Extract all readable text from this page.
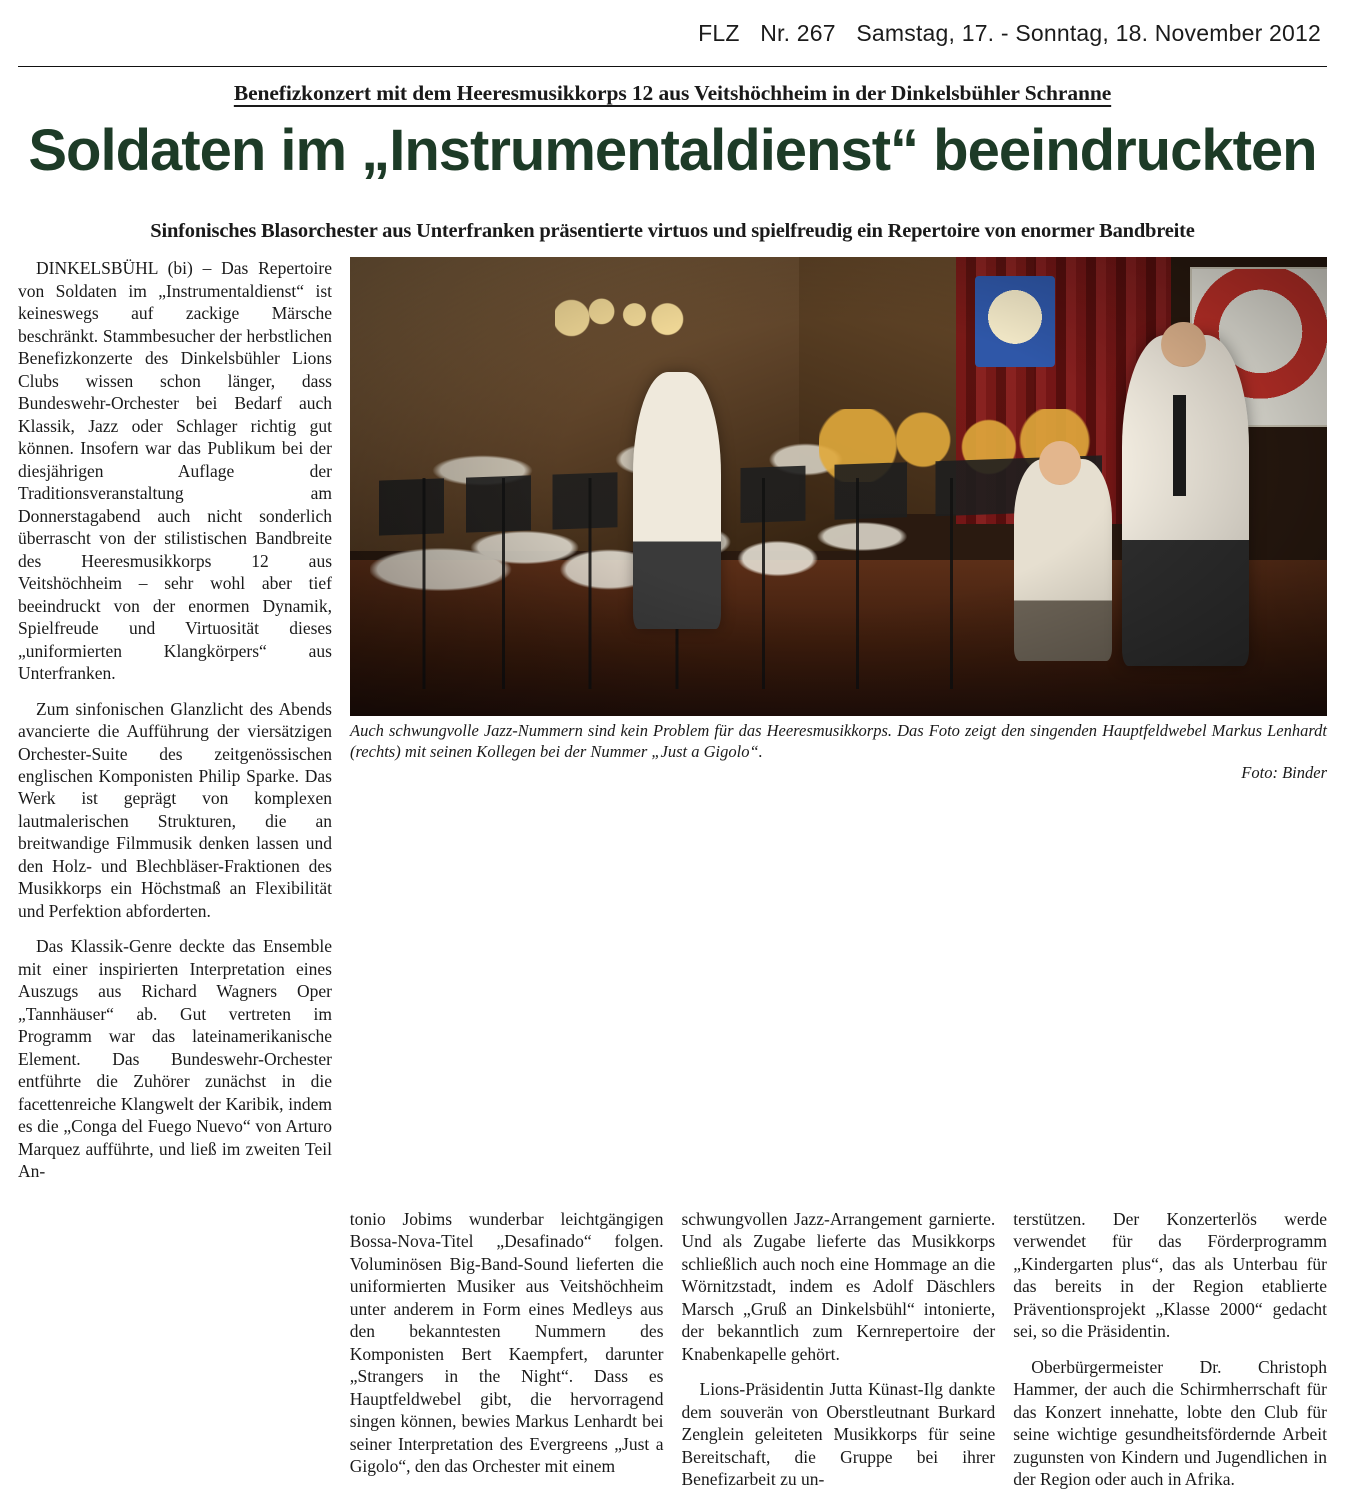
FLZ Nr. 267 Samstag, 17. - Sonntag, 18. November 2012
Benefizkonzert mit dem Heeresmusikkorps 12 aus Veitshöchheim in der Dinkelsbühler Schranne
Soldaten im „Instrumentaldienst“ beeindruckten
Sinfonisches Blasorchester aus Unterfranken präsentierte virtuos und spielfreudig ein Repertoire von enormer Bandbreite

DINKELSBÜHL (bi) – Das Repertoire von Soldaten im „Instrumentaldienst“ ist keineswegs auf zackige Märsche beschränkt. Stammbesucher der herbstlichen Benefizkonzerte des Dinkelsbühler Lions Clubs wissen schon länger, dass Bundeswehr-Orchester bei Bedarf auch Klassik, Jazz oder Schlager richtig gut können. Insofern war das Publikum bei der diesjährigen Auflage der Traditionsveranstaltung am Donnerstagabend auch nicht sonderlich überrascht von der stilistischen Bandbreite des Heeresmusikkorps 12 aus Veitshöchheim – sehr wohl aber tief beeindruckt von der enormen Dynamik, Spielfreude und Virtuosität dieses „uniformierten Klangkörpers“ aus Unterfranken.

Zum sinfonischen Glanzlicht des Abends avancierte die Aufführung der viersätzigen Orchester-Suite des zeitgenössischen englischen Komponisten Philip Sparke. Das Werk ist geprägt von komplexen lautmalerischen Strukturen, die an breitwandige Filmmusik denken lassen und den Holz- und Blechbläser-Fraktionen des Musikkorps ein Höchstmaß an Flexibilität und Perfektion abforderten.

Das Klassik-Genre deckte das Ensemble mit einer inspirierten Interpretation eines Auszugs aus Richard Wagners Oper „Tannhäuser“ ab. Gut vertreten im Programm war das lateinamerikanische Element. Das Bundeswehr-Orchester entführte die Zuhörer zunächst in die facettenreiche Klangwelt der Karibik, indem es die „Conga del Fuego Nuevo“ von Arturo Marquez aufführte, und ließ im zweiten Teil An-

Auch schwungvolle Jazz-Nummern sind kein Problem für das Heeresmusikkorps. Das Foto zeigt den singenden Hauptfeldwebel Markus Lenhardt (rechts) mit seinen Kollegen bei der Nummer „Just a Gigolo“.
Foto: Binder

tonio Jobims wunderbar leichtgängigen Bossa-Nova-Titel „Desafinado“ folgen. Voluminösen Big-Band-Sound lieferten die uniformierten Musiker aus Veitshöchheim unter anderem in Form eines Medleys aus den bekanntesten Nummern des Komponisten Bert Kaempfert, darunter „Strangers in the Night“. Dass es Hauptfeldwebel gibt, die hervorragend singen können, bewies Markus Lenhardt bei seiner Interpretation des Evergreens „Just a Gigolo“, den das Orchester mit einem

schwungvollen Jazz-Arrangement garnierte. Und als Zugabe lieferte das Musikkorps schließlich auch noch eine Hommage an die Wörnitzstadt, indem es Adolf Däschlers Marsch „Gruß an Dinkelsbühl“ intonierte, der bekanntlich zum Kernrepertoire der Knabenkapelle gehört.

Lions-Präsidentin Jutta Künast-Ilg dankte dem souverän von Oberstleutnant Burkard Zenglein geleiteten Musikkorps für seine Bereitschaft, die Gruppe bei ihrer Benefizarbeit zu un-

terstützen. Der Konzerterlös werde verwendet für das Förderprogramm „Kindergarten plus“, das als Unterbau für das bereits in der Region etablierte Präventionsprojekt „Klasse 2000“ gedacht sei, so die Präsidentin.

Oberbürgermeister Dr. Christoph Hammer, der auch die Schirmherrschaft für das Konzert innehatte, lobte den Club für seine wichtige gesundheitsfördernde Arbeit zugunsten von Kindern und Jugendlichen in der Region oder auch in Afrika.
